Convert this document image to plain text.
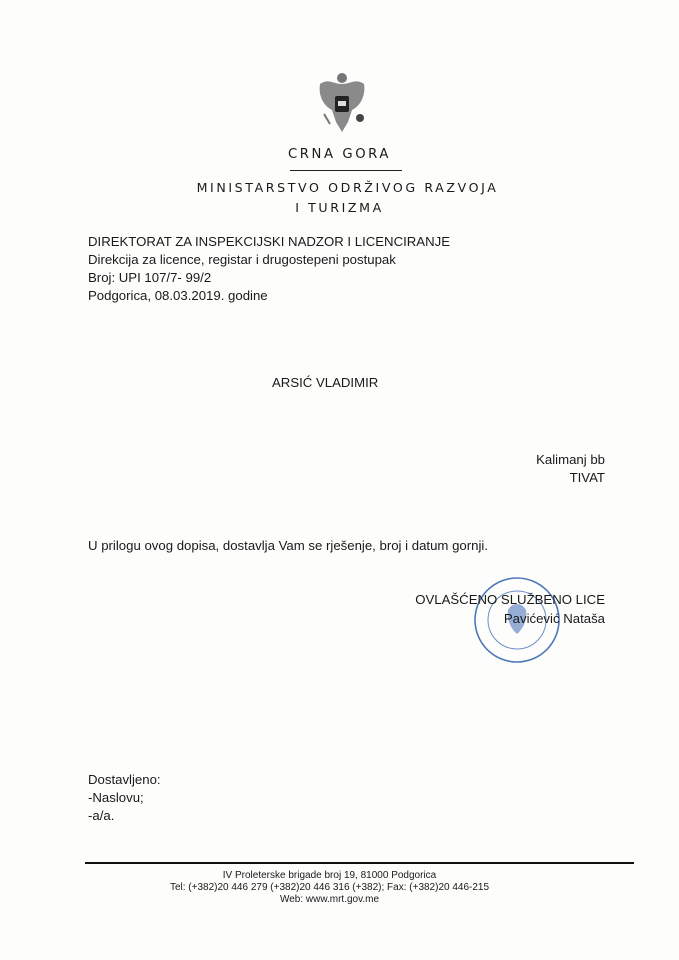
CRNA GORA
MINISTARSTVO ODRŽIVOG RAZVOJA
I TURIZMA
DIREKTORAT ZA INSPEKCIJSKI NADZOR I LICENCIRANJE
Direkcija za licence, registar i drugostepeni postupak
Broj: UPI 107/7- 99/2
Podgorica, 08.03.2019. godine
ARSIĆ VLADIMIR
Kalimanj bb
TIVAT
U prilogu ovog dopisa, dostavlja Vam se rješenje, broj i datum gornji.
OVLAŠĆENO SLUŽBENO LICE
Pavićević Nataša
Dostavljeno:
-Naslovu;
-a/a.
IV Proleterske brigade broj 19, 81000 Podgorica
Tel: (+382)20 446 279 (+382)20 446 316 (+382); Fax: (+382)20 446-215
Web: www.mrt.gov.me
